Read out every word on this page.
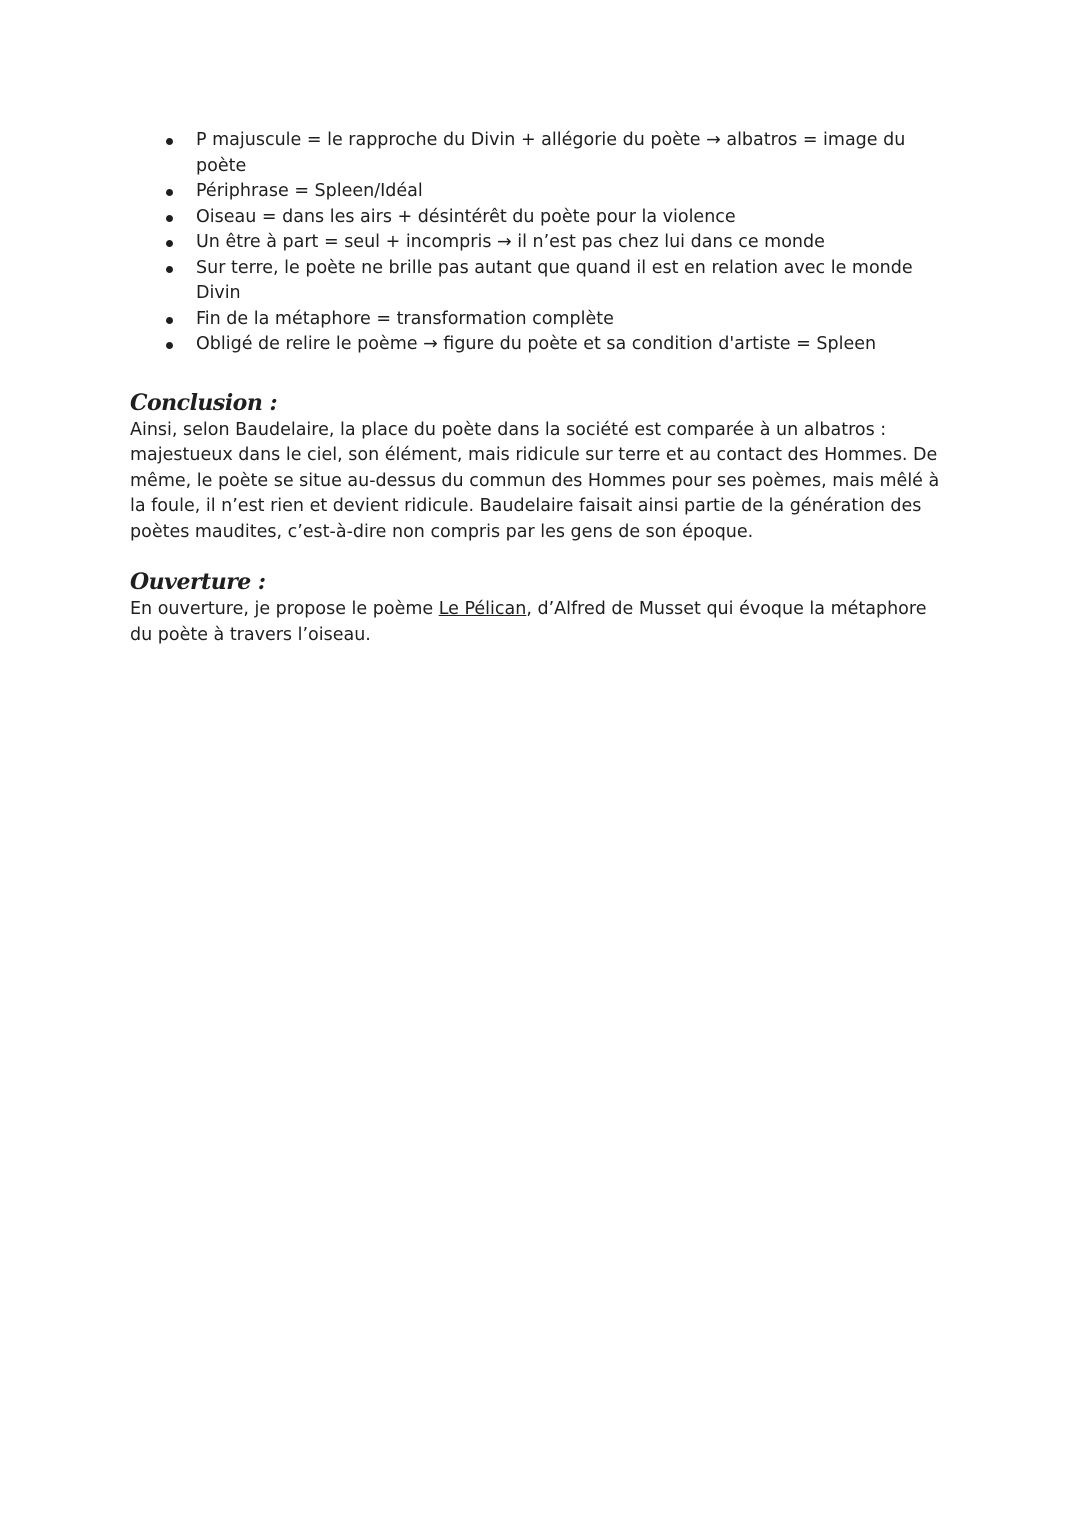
P majuscule = le rapproche du Divin + allégorie du poète → albatros = image du poète
Périphrase = Spleen/Idéal
Oiseau = dans les airs + désintérêt du poète pour la violence
Un être à part = seul + incompris → il n’est pas chez lui dans ce monde
Sur terre, le poète ne brille pas autant que quand il est en relation avec le monde Divin
Fin de la métaphore = transformation complète
Obligé de relire le poème → figure du poète et sa condition d'artiste = Spleen
Conclusion :

Ainsi, selon Baudelaire, la place du poète dans la société est comparée à un albatros : majestueux dans le ciel, son élément, mais ridicule sur terre et au contact des Hommes. De même, le poète se situe au-dessus du commun des Hommes pour ses poèmes, mais mêlé à la foule, il n’est rien et devient ridicule. Baudelaire faisait ainsi partie de la génération des poètes maudites, c’est-à-dire non compris par les gens de son époque.

Ouverture :

En ouverture, je propose le poème Le Pélican, d’Alfred de Musset qui évoque la métaphore du poète à travers l’oiseau.
